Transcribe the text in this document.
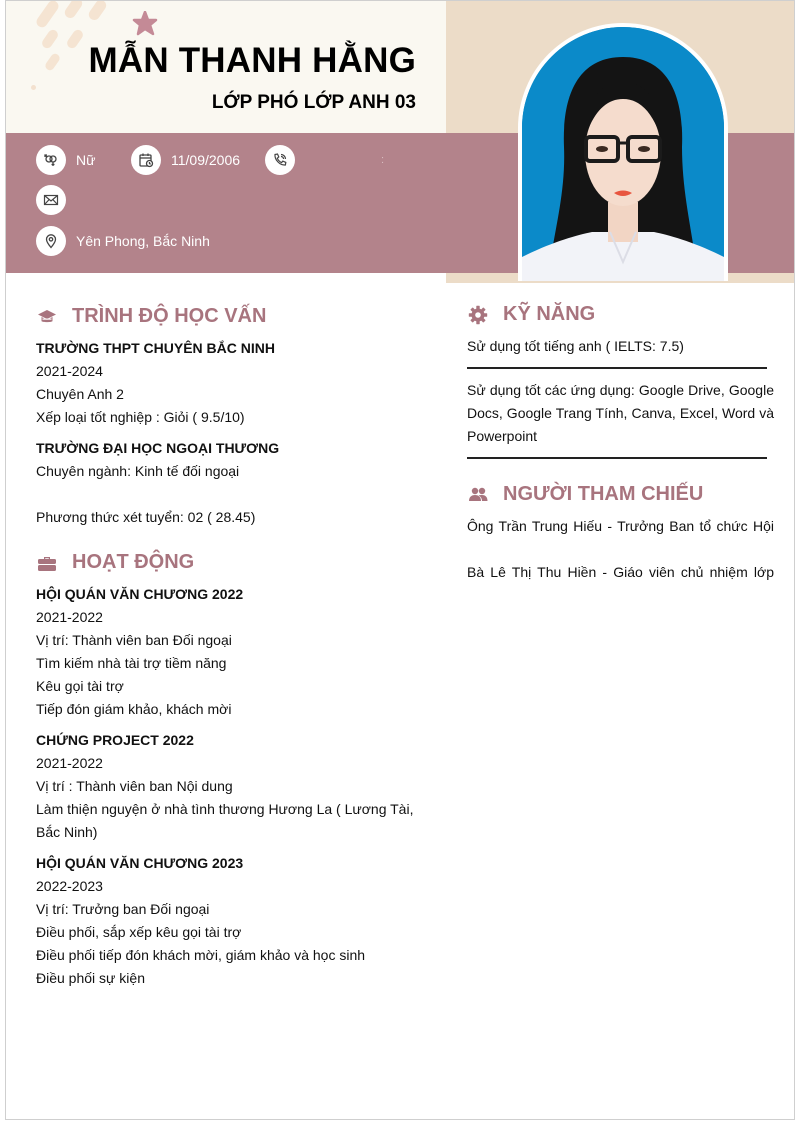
MẪN THANH HẰNG
LỚP PHÓ LỚP ANH 03
Nữ	11/09/2006	:
Yên Phong, Bắc Ninh
TRÌNH ĐỘ HỌC VẤN
TRƯỜNG THPT CHUYÊN BẮC NINH
2021-2024
Chuyên Anh 2
Xếp loại tốt nghiệp : Giỏi ( 9.5/10)
TRƯỜNG ĐẠI HỌC NGOẠI THƯƠNG
Chuyên ngành: Kinh tế đối ngoại
Phương thức xét tuyển: 02 ( 28.45)
HOẠT ĐỘNG
HỘI QUÁN VĂN CHƯƠNG 2022
2021-2022
Vị trí: Thành viên ban Đối ngoại
Tìm kiếm nhà tài trợ tiềm năng
Kêu gọi tài trợ
Tiếp đón giám khảo, khách mời
CHỨNG PROJECT 2022
2021-2022
Vị trí : Thành viên ban Nội dung
Làm thiện nguyện ở nhà tình thương Hương La ( Lương Tài,
Bắc Ninh)
HỘI QUÁN VĂN CHƯƠNG 2023
2022-2023
Vị trí: Trưởng ban Đối ngoại
Điều phối, sắp xếp kêu gọi tài trợ
Điều phối tiếp đón khách mời, giám khảo và học sinh
Điều phối sự kiện
KỸ NĂNG
Sử dụng tốt tiếng anh ( IELTS: 7.5)
Sử dụng tốt các ứng dụng: Google Drive, Google Docs, Google Trang Tính, Canva, Excel, Word và Powerpoint
NGƯỜI THAM CHIẾU
Ông Trần Trung Hiếu - Trưởng Ban tổ chức Hội
Bà Lê Thị Thu Hiền - Giáo viên chủ nhiệm lớp
